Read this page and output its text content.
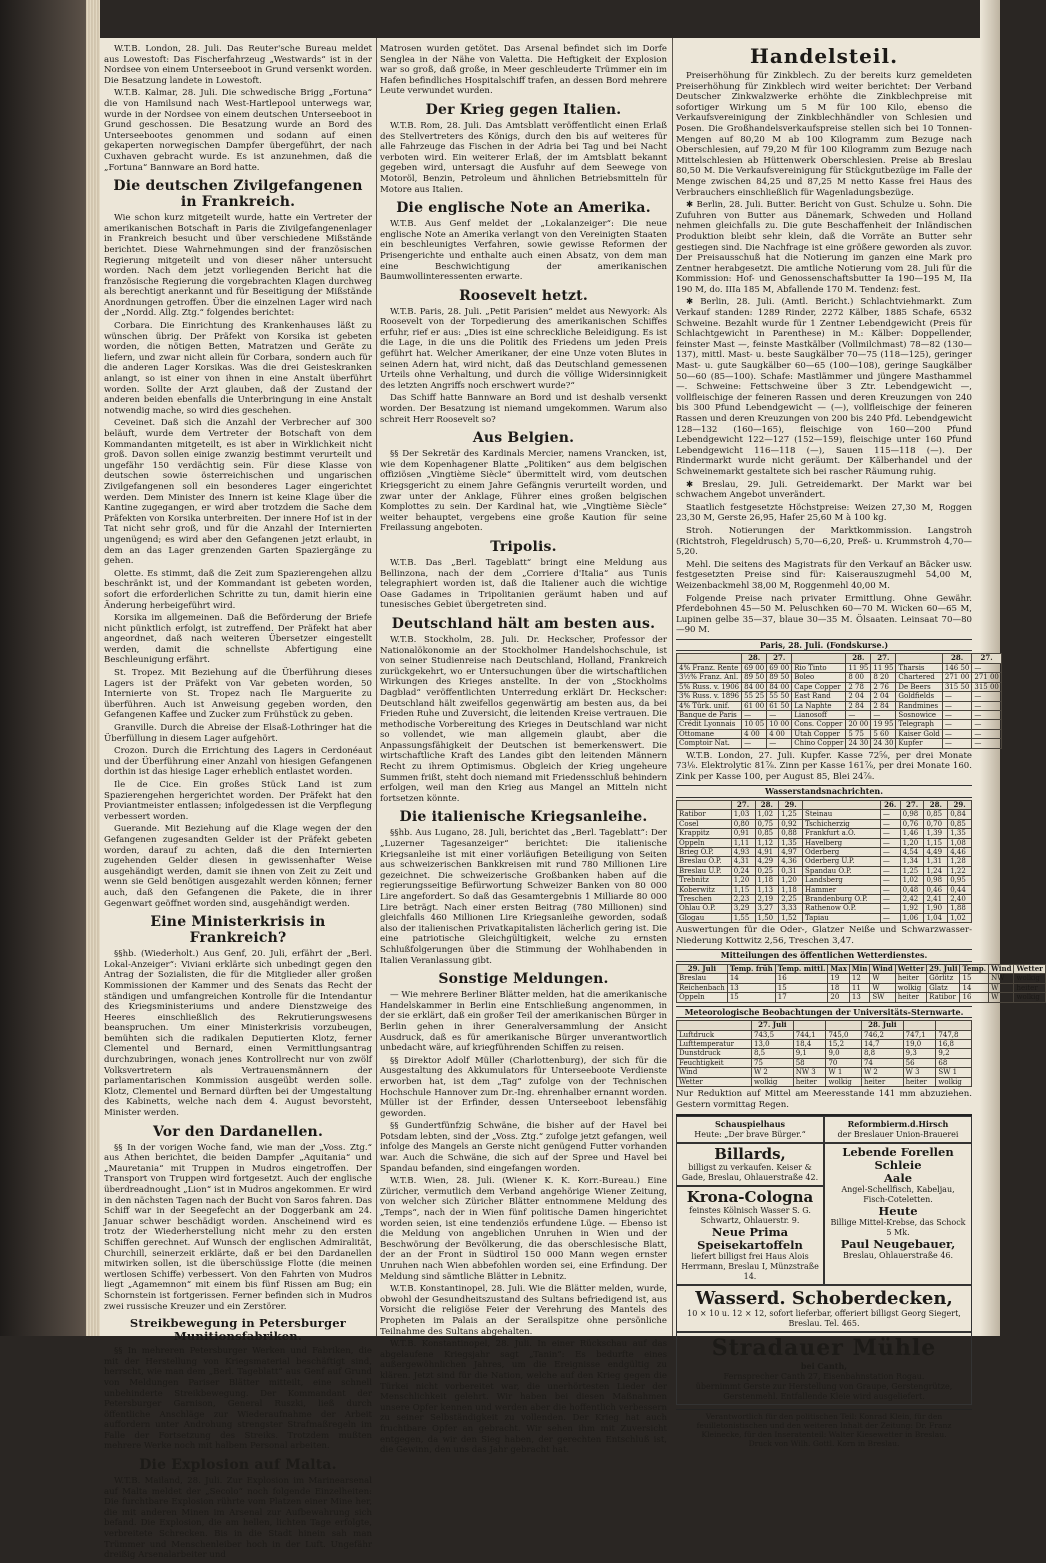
W.T.B. London, 28. Juli. Das Reuter'sche Bureau meldet aus Lowestoft: Das Fischerfahrzeug „Westwards“ ist in der Nordsee von einem Unterseeboot in Grund versenkt worden. Die Besatzung landete in Lowestoft.

W.T.B. Kalmar, 28. Juli. Die schwedische Brigg „Fortuna“ die von Hamilsund nach West-Hartlepool unterwegs war, wurde in der Nordsee von einem deutschen Unterseeboot in Grund geschossen. Die Besatzung wurde an Bord des Unterseebootes genommen und sodann auf einen gekaperten norwegischen Dampfer übergeführt, der nach Cuxhaven gebracht wurde. Es ist anzunehmen, daß die „Fortuna“ Bannware an Bord hatte.

Die deutschen Zivilgefangenen in Frankreich.

Wie schon kurz mitgeteilt wurde, hatte ein Vertreter der amerikanischen Botschaft in Paris die Zivilgefangenenlager in Frankreich besucht und über verschiedene Mißstände berichtet. Diese Wahrnehmungen sind der französischen Regierung mitgeteilt und von dieser näher untersucht worden. Nach dem jetzt vorliegenden Bericht hat die französische Regierung die vorgebrachten Klagen durchweg als berechtigt anerkannt und für Beseitigung der Mißstände Anordnungen getroffen. Über die einzelnen Lager wird nach der „Nordd. Allg. Ztg.“ folgendes berichtet:

Corbara. Die Einrichtung des Krankenhauses läßt zu wünschen übrig. Der Präfekt von Korsika ist gebeten worden, die nötigen Betten, Matratzen und Geräte zu liefern, und zwar nicht allein für Corbara, sondern auch für die anderen Lager Korsikas. Was die drei Geisteskranken anlangt, so ist einer von ihnen in eine Anstalt überführt worden. Sollte der Arzt glauben, daß der Zustand der anderen beiden ebenfalls die Unterbringung in eine Anstalt notwendig mache, so wird dies geschehen.

Ceveinet. Daß sich die Anzahl der Verbrecher auf 300 beläuft, wurde dem Vertreter der Botschaft von dem Kommandanten mitgeteilt, es ist aber in Wirklichkeit nicht groß. Davon sollen einige zwanzig bestimmt verurteilt und ungefähr 150 verdächtig sein. Für diese Klasse von deutschen sowie österreichischen und ungarischen Zivilgefangenen soll ein besonderes Lager eingerichtet werden. Dem Minister des Innern ist keine Klage über die Kantine zugegangen, er wird aber trotzdem die Sache dem Präfekten von Korsika unterbreiten. Der innere Hof ist in der Tat nicht sehr groß, und für die Anzahl der Internierten ungenügend; es wird aber den Gefangenen jetzt erlaubt, in dem an das Lager grenzenden Garten Spaziergänge zu gehen.

Olette. Es stimmt, daß die Zeit zum Spazierengehen allzu beschränkt ist, und der Kommandant ist gebeten worden, sofort die erforderlichen Schritte zu tun, damit hierin eine Änderung herbeigeführt wird.

Korsika im allgemeinen. Daß die Beförderung der Briefe nicht pünktlich erfolgt, ist zutreffend. Der Präfekt hat aber angeordnet, daß nach weiteren Übersetzer eingestellt werden, damit die schnellste Abfertigung eine Beschleunigung erfährt.

St. Tropez. Mit Beziehung auf die Überführung dieses Lagers ist der Präfekt von Var gebeten worden, 50 Internierte von St. Tropez nach Ile Marguerite zu überführen. Auch ist Anweisung gegeben worden, den Gefangenen Kaffee und Zucker zum Frühstück zu geben.

Granville. Durch die Abreise der Elsaß-Lothringer hat die Überfüllung in diesem Lager aufgehört.

Crozon. Durch die Errichtung des Lagers in Cerdonéaut und der Überführung einer Anzahl von hiesigen Gefangenen dorthin ist das hiesige Lager erheblich entlastet worden.

Ile de Cice. Ein großes Stück Land ist zum Spazierengehen hergerichtet worden. Der Präfekt hat den Proviantmeister entlassen; infolgedessen ist die Verpflegung verbessert worden.

Guerande. Mit Beziehung auf die Klage wegen der den Gefangenen zugesandten Gelder ist der Präfekt gebeten worden, darauf zu achten, daß die den Internierten zugehenden Gelder diesen in gewissenhafter Weise ausgehändigt werden, damit sie ihnen von Zeit zu Zeit und wenn sie Geld benötigen ausgezahlt werden können; ferner auch, daß den Gefangenen die Pakete, die in ihrer Gegenwart geöffnet worden sind, ausgehändigt werden.

Eine Ministerkrisis in Frankreich?

§§hb. (Wiederholt.) Aus Genf, 20. Juli, erfährt der „Berl. Lokal-Anzeiger“: Viviani erklärte sich unbedingt gegen den Antrag der Sozialisten, die für die Mitglieder aller großen Kommissionen der Kammer und des Senats das Recht der ständigen und umfangreichen Kontrolle für die Intendantur des Kriegsministeriums und andere Dienstzweige des Heeres einschließlich des Rekrutierungswesens beanspruchen. Um einer Ministerkrisis vorzubeugen, bemühten sich die radikalen Deputierten Klotz, ferner Clementel und Bernard, einen Vermittlungsantrag durchzubringen, wonach jenes Kontrollrecht nur von zwölf Volksvertretern als Vertrauensmännern der parlamentarischen Kommission ausgeübt werden solle. Klotz, Clementel und Bernard dürften bei der Umgestaltung des Kabinetts, welche nach dem 4. August bevorsteht, Minister werden.

Vor den Dardanellen.

§§ In der vorigen Woche fand, wie man der „Voss. Ztg.“ aus Athen berichtet, die beiden Dampfer „Aquitania“ und „Mauretania“ mit Truppen in Mudros eingetroffen. Der Transport von Truppen wird fortgesetzt. Auch der englische überdreadnought „Lion“ ist in Mudros angekommen. Er wird in den nächsten Tagen nach der Bucht von Saros fahren. Das Schiff war in der Seegefecht an der Doggerbank am 24. Januar schwer beschädigt worden. Anscheinend wird es trotz der Wiederherstellung nicht mehr zu den ersten Schiffen gerechnet. Auf Wunsch der englischen Admiralität, Churchill, seinerzeit erklärte, daß er bei den Dardanellen mitwirken sollen, ist die überschüssige Flotte (die meinen wertlosen Schiffe) verbessert. Von den Fahrten von Mudros liegt „Agamemnon“ mit einem bis fünf Rissen am Bug; ein Schornstein ist fortgerissen. Ferner befinden sich in Mudros zwei russische Kreuzer und ein Zerstörer.

Streikbewegung in Petersburger Munitionsfabriken.

§§ In mehreren Petersburger Werken und Fabriken, die mit der Herstellung von Kriegsmaterial beschäftigt sind, herrscht, wie man dem „Berl. Tageblatt“ aus Genf auf Grund von Meldungen Pariser Blätter mitteilt, eine schnell unbehinderte Streikbewegung. Der Kommandant der Petersburger Garnison, General Ruszki, ließ durch öffentliche Anschläge zur Wiederaufnahme der Arbeit auffordern unter Androhung strengster Strafmaßregeln im Falle der Fortsetzung des Streiks. Trotzdem mußten mehrere Werke noch mit halbem Personal arbeiten.

Die Explosion auf Malta.

W.T.B. Mailand, 28. Juli. Zur Explosion im Marinearsenal auf Malta meldet der „Secolo“ noch folgende Einzelheiten: Die furchtbare Explosion rührte vom Platzen einer Mine her, die mit anderen Minen im Arsenal zur Aufbewahrung sich befand. Die Explosion, die am hellen, lichten Tage erfolgte, verbreitete Schrecken. Bis in die Stadt hinein sah man Trümmer und Menschenleiber hoch in der Luft. Ungefähr dreißig Arsenalarbeiter und

Matrosen wurden getötet. Das Arsenal befindet sich im Dorfe Senglea in der Nähe von Valetta. Die Heftigkeit der Explosion war so groß, daß große, in Meer geschleuderte Trümmer ein im Hafen befindliches Hospitalschiff trafen, an dessen Bord mehrere Leute verwundet wurden.

Der Krieg gegen Italien.

W.T.B. Rom, 28. Juli. Das Amtsblatt veröffentlicht einen Erlaß des Stellvertreters des Königs, durch den bis auf weiteres für alle Fahrzeuge das Fischen in der Adria bei Tag und bei Nacht verboten wird. Ein weiterer Erlaß, der im Amtsblatt bekannt gegeben wird, untersagt die Ausfuhr auf dem Seewege von Motoröl, Benzin, Petroleum und ähnlichen Betriebsmitteln für Motore aus Italien.

Die englische Note an Amerika.

W.T.B. Aus Genf meldet der „Lokalanzeiger“: Die neue englische Note an Amerika verlangt von den Vereinigten Staaten ein beschleunigtes Verfahren, sowie gewisse Reformen der Prisengerichte und enthalte auch einen Absatz, von dem man eine Beschwichtigung der amerikanischen Baumwollinteressenten erwarte.

Roosevelt hetzt.

W.T.B. Paris, 28. Juli. „Petit Parisien“ meldet aus Newyork: Als Roosevelt von der Torpedierung des amerikanischen Schiffes erfuhr, rief er aus: „Dies ist eine schreckliche Beleidigung. Es ist die Lage, in die uns die Politik des Friedens um jeden Preis geführt hat. Welcher Amerikaner, der eine Unze voten Blutes in seinen Adern hat, wird nicht, daß das Deutschland gemessenen Urteils ohne Verhaltung, und durch die völlige Widersinnigkeit des letzten Angriffs noch erschwert wurde?“

Das Schiff hatte Bannware an Bord und ist deshalb versenkt worden. Der Besatzung ist niemand umgekommen. Warum also schreit Herr Roosevelt so?

Aus Belgien.

§§ Der Sekretär des Kardinals Mercier, namens Vrancken, ist, wie dem Kopenhagener Blatte „Politiken“ aus dem belgischen offiziösen „Vingtième Siècle“ übermittelt wird, vom deutschen Kriegsgericht zu einem Jahre Gefängnis verurteilt worden, und zwar unter der Anklage, Führer eines großen belgischen Komplottes zu sein. Der Kardinal hat, wie „Vingtième Siècle“ weiter behauptet, vergebens eine große Kaution für seine Freilassung angeboten.

Tripolis.

W.T.B. Das „Berl. Tageblatt“ bringt eine Meldung aus Bellinzona, nach der dem „Corriere d'Italia“ aus Tunis telegraphiert worden ist, daß die Italiener auch die wichtige Oase Gadames in Tripolitanien geräumt haben und auf tunesisches Gebiet übergetreten sind.

Deutschland hält am besten aus.

W.T.B. Stockholm, 28. Juli. Dr. Heckscher, Professor der Nationalökonomie an der Stockholmer Handelshochschule, ist von seiner Studienreise nach Deutschland, Holland, Frankreich zurückgekehrt, wo er Untersuchungen über die wirtschaftlichen Wirkungen des Krieges anstellte. In der von „Stockholms Dagblad“ veröffentlichten Unterredung erklärt Dr. Heckscher: Deutschland hält zweifellos gegenwärtig am besten aus, da bei Frieden Ruhe und Zuversicht, die leitenden Kreise vertrauen. Die methodische Vorbereitung des Krieges in Deutschland war nicht so vollendet, wie man allgemein glaubt, aber die Anpassungsfähigkeit der Deutschen ist bemerkenswert. Die wirtschaftliche Kraft des Landes gibt den leitenden Männern Recht zu ihrem Optimismus. Obgleich der Krieg ungeheure Summen frißt, steht doch niemand mit Friedensschluß behindern erfolgen, weil man den Krieg aus Mangel an Mitteln nicht fortsetzen könnte.

Die italienische Kriegsanleihe.

§§hb. Aus Lugano, 28. Juli, berichtet das „Berl. Tageblatt“: Der „Luzerner Tagesanzeiger“ berichtet: Die italienische Kriegsanleihe ist mit einer vorläufigen Beteiligung von Seiten aus schweizerischen Bankkreisen mit rund 780 Millionen Lire gezeichnet. Die schweizerische Großbanken haben auf die regierungsseitige Befürwortung Schweizer Banken von 80 000 Lire angefordert. So daß das Gesamtergebnis 1 Milliarde 80 000 Lire beträgt. Nach einer ersten Beitrag (780 Millionen) sind gleichfalls 460 Millionen Lire Kriegsanleihe geworden, sodaß also der italienischen Privatkapitalisten lächerlich gering ist. Die eine patriotische Gleichgültigkeit, welche zu ernsten Schlußfolgerungen über die Stimmung der Wohlhabenden in Italien Veranlassung gibt.

Sonstige Meldungen.

— Wie mehrere Berliner Blätter melden, hat die amerikanische Handelskammer in Berlin eine Entschließung angenommen, in der sie erklärt, daß ein großer Teil der amerikanischen Bürger in Berlin gehen in ihrer Generalversammlung der Ansicht Ausdruck, daß es für amerikanische Bürger unverantwortlich unbedacht wäre, auf kriegführenden Schiffen zu reisen.

§§ Direktor Adolf Müller (Charlottenburg), der sich für die Ausgestaltung des Akkumulators für Unterseeboote Verdienste erworben hat, ist dem „Tag“ zufolge von der Technischen Hochschule Hannover zum Dr.-Ing. ehrenhalber ernannt worden. Müller ist der Erfinder, dessen Unterseeboot lebensfähig geworden.

§§ Gundertfünfzig Schwäne, die bisher auf der Havel bei Potsdam lebten, sind der „Voss. Ztg.“ zufolge jetzt gefangen, weil infolge des Mangels an Gerste nicht genügend Futter vorhanden war. Auch die Schwäne, die sich auf der Spree und Havel bei Spandau befanden, sind eingefangen worden.

W.T.B. Wien, 28. Juli. (Wiener K. K. Korr.-Bureau.) Eine Züricher, vermutlich dem Verband angehörige Wiener Zeitung, von welcher sich Züricher Blätter entnommene Meldung des „Temps“, nach der in Wien fünf politische Damen hingerichtet worden seien, ist eine tendenziös erfundene Lüge. — Ebenso ist die Meldung von angeblichen Unruhen in Wien und der Beschwörung der Bevölkerung, die das oberschlesische Blatt, der an der Front in Südtirol 150 000 Mann wegen ernster Unruhen nach Wien abbefohlen worden sei, eine Erfindung. Der Meldung sind sämtliche Blätter in Lebnitz.

W.T.B. Konstantinopel, 28. Juli. Wie die Blätter melden, wurde, obwohl der Gesundheitszustand des Sultans befriedigend ist, aus Vorsicht die religiöse Feier der Verehrung des Mantels des Propheten im Palais an der Serailspitze ohne persönliche Teilnahme des Sultans abgehalten.

W.T.B. Konstantinopel, 28. Juli. In einer Rückschau auf das abgelaufene Kriegsjahr sagt „Tanin“: Es bedurfte eines außergewöhnlichen Jahres, um die Ereignisse endgültig zu klären. Jetzt sind für die Nation, welche auf den Krieg gegen die Türkei nicht vorbereitet war, die unerhörtesten Lieder der Menschlichkeit gelehrt. Wir haben bei diesen Maßnahmen unsere Opfer kennen und werden aber die hoffentlich verbessern zu seiner Selbständigkeit zu vollenden. Der Krieg hat auch fruchtbare Opfer an gebracht. Wir sehen ihm mit Zuversicht entgegen, da wir den Sieg haben, der gerechten Entschluß ist, die Gewinn, den uns das Jahr gebracht hat.

Handelsteil.

Preiserhöhung für Zinkblech. Zu der bereits kurz gemeldeten Preiserhöhung für Zinkblech wird weiter berichtet: Der Verband Deutscher Zinkwalzwerke erhöhte die Zinkblechpreise mit sofortiger Wirkung um 5 M für 100 Kilo, ebenso die Verkaufsvereinigung der Zinkblechhändler von Schlesien und Posen. Die Großhandelsverkaufspreise stellen sich bei 10 Tonnen-Mengen auf 80,20 M ab 100 Kilogramm zum Bezuge nach Oberschlesien, auf 79,20 M für 100 Kilogramm zum Bezuge nach Mittelschlesien ab Hüttenwerk Oberschlesien. Preise ab Breslau 80,50 M. Die Verkaufsvereinigung für Stückgutbezüge im Falle der Menge zwischen 84,25 und 87,25 M netto Kasse frei Haus des Verbrauchers einschließlich für Wagenladungsbezüge.

✱ Berlin, 28. Juli. Butter. Bericht von Gust. Schulze u. Sohn. Die Zufuhren von Butter aus Dänemark, Schweden und Holland nehmen gleichfalls zu. Die gute Beschaffenheit der Inländischen Produktion bleibt sehr klein, daß die Vorräte an Butter sehr gestiegen sind. Die Nachfrage ist eine größere geworden als zuvor. Der Preisausschuß hat die Notierung im ganzen eine Mark pro Zentner herabgesetzt. Die amtliche Notierung vom 28. Juli für die Kommission: Hof- und Genossenschaftsbutter Ia 190—195 M, IIa 190 M, do. IIIa 185 M, Abfallende 170 M. Tendenz: fest.

✱ Berlin, 28. Juli. (Amtl. Bericht.) Schlachtviehmarkt. Zum Verkauf standen: 1289 Rinder, 2272 Kälber, 1885 Schafe, 6532 Schweine. Bezahlt wurde für 1 Zentner Lebendgewicht (Preis für Schlachtgewicht in Parenthese) in M.: Kälber: Doppellender, feinster Mast —, feinste Mastkälber (Vollmilchmast) 78—82 (130—137), mittl. Mast- u. beste Saugkälber 70—75 (118—125), geringer Mast- u. gute Saugkälber 60—65 (100—108), geringe Saugkälber 50—60 (85—100). Schafe: Mastlämmer und jüngere Masthammel —. Schweine: Fettschweine über 3 Ztr. Lebendgewicht —, vollfleischige der feineren Rassen und deren Kreuzungen von 240 bis 300 Pfund Lebendgewicht — (—), vollfleischige der feineren Rassen und deren Kreuzungen von 200 bis 240 Pfd. Lebendgewicht 128—132 (160—165), fleischige von 160—200 Pfund Lebendgewicht 122—127 (152—159), fleischige unter 160 Pfund Lebendgewicht 116—118 (—), Sauen 115—118 (—). Der Rindermarkt wurde nicht geräumt. Der Kälberhandel und der Schweinemarkt gestaltete sich bei rascher Räumung ruhig.

✱ Breslau, 29. Juli. Getreidemarkt. Der Markt war bei schwachem Angebot unverändert.

Staatlich festgesetzte Höchstpreise: Weizen 27,30 M, Roggen 23,30 M, Gerste 26,95, Hafer 25,60 M à 100 kg.

Stroh. Notierungen der Marktkommission. Langstroh (Richtstroh, Flegeldrusch) 5,70—6,20, Preß- u. Krummstroh 4,70—5,20.

Mehl. Die seitens des Magistrats für den Verkauf an Bäcker usw. festgesetzten Preise sind für: Kaiserauszugmehl 54,00 M, Weizenbackmehl 38,00 M, Roggenmehl 40,00 M.

Folgende Preise nach privater Ermittlung. Ohne Gewähr. Pferdebohnen 45—50 M. Peluschken 60—70 M. Wicken 60—65 M, Lupinen gelbe 35—37, blaue 30—35 M. Ölsaaten. Leinsaat 70—80—90 M.

Paris, 28. Juli. (Fondskurse.)
	28.	27.		28.	27.		28.	27.
4% Franz. Rente	69 00	69 00	Rio Tinto	11 95	11 95	Tharsis	146 50	—
3½% Franz. Anl.	89 50	89 50	Boleo	8 00	8 20	Chartered	271 00	271 00
5% Russ. v. 1906	84 00	84 00	Cape Copper	2 78	2 76	De Beers	315 50	315 00
3% Russ. v. 1896	55 25	55 50	East Rand	2 04	2 04	Goldfields	—	—
4% Türk. unif.	61 00	61 50	La Naphte	2 84	2 84	Randmines	—	—
Banque de Paris	—	—	Lianosoff	—	—	Sosnowice	—	—
Crédit Lyonnais	10 05	10 00	Cons. Copper	20 00	19 95	Telegraph	—	—
Ottomane	4 00	4 00	Utah Copper	5 75	5 60	Kaiser Gold	—	—
Comptoir Nat.	—	—	Chino Copper	24 30	24 30	Kupfer	—	—

W.T.B. London, 27. Juli. Kupfer. Kasse 72⅝, per drei Monate 73⅛. Elektrolytic 81⅞. Zinn per Kasse 161⅞, per drei Monate 160. Zink per Kasse 100, per August 85, Blei 24⅞.

Wasserstandsnachrichten.
	27.	28.	29.		26.	27.	28.	29.
Ratibor	1,03	1,02	1,25	Steinau	—	0,98	0,85	0,84
Cosel	0,80	0,75	0,92	Tschicherzig	—	0,76	0,70	0,85
Krappitz	0,91	0,85	0,88	Frankfurt a.O.	—	1,46	1,39	1,35
Oppeln	1,11	1,12	1,35	Havelberg	—	1,20	1,15	1,08
Brieg O.P.	4,93	4,91	4,97	Oderberg	—	4,54	4,49	4,46
Breslau O.P.	4,31	4,29	4,36	Oderberg U.P.	—	1,34	1,31	1,28
Breslau U.P.	0,24	0,25	0,31	Spandau O.P.	—	1,25	1,24	1,22
Trebnitz	1,20	1,18	1,20	Landsberg	—	1,02	0,98	0,95
Koberwitz	1,15	1,13	1,18	Hammer	—	0,48	0,46	0,44
Treschen	2,23	2,19	2,25	Brandenburg O.P.	—	2,42	2,41	2,40
Ohlau O.P.	3,29	3,27	3,33	Rathenow O.P.	—	1,92	1,90	1,88
Glogau	1,55	1,50	1,52	Tapiau	—	1,06	1,04	1,02

Auswertungen für die Oder-, Glatzer Neiße und Schwarzwasser-Niederung Kottwitz 2,56, Treschen 3,47.

Mitteilungen des öffentlichen Wetterdienstes.
29. Juli	Temp. früh	Temp. mittl.	Max	Min	Wind	Wetter	29. Juli	Temp.	Wind	Wetter
Breslau	14	16	19	12	W	heiter	Görlitz	15	NW	wolkig
Reichenbach	13	15	18	11	W	wolkig	Glatz	14	W	heiter
Oppeln	15	17	20	13	SW	heiter	Ratibor	16	W	wolkig
Meteorologische Beobachtungen der Universitäts-Sternwarte.
	27. Juli			28. Juli		
Luftdruck	743,5	744,1	745,0	746,2	747,1	747,8
Lufttemperatur	13,0	18,4	15,2	14,7	19,0	16,8
Dunstdruck	8,5	9,1	9,0	8,8	9,3	9,2
Feuchtigkeit	75	58	70	74	56	68
Wind	W 2	NW 3	W 1	W 2	W 3	SW 1
Wetter	wolkig	heiter	wolkig	heiter	heiter	wolkig

Nur Reduktion auf Mittel am Meeresstande 141 mm abzuziehen. Gestern vormittag Regen.

Schauspielhaus
Heute: „Der brave Bürger.“
Reformbierm.d.Hirsch
der Breslauer Union-Brauerei
Billards,
billigst zu verkaufen. Keiser & Gade, Breslau, Ohlauerstraße 42.
Lebende Forellen
Schleie
Aale
Angel-Schellfisch, Kabeljau, Fisch-Coteletten.
Heute
Billige Mittel-Krebse, das Schock 5 Mk.
Paul Neugebauer,
Breslau, Ohlauerstraße 46.
Krona-Cologna
feinstes Kölnisch Wasser S. G. Schwartz, Ohlauerstr. 9.
Neue Prima Speisekartoffeln
liefert billigst frei Haus Alois Herrmann, Breslau I, Münzstraße 14.
Wasserd. Schoberdecken,
10 × 10 u. 12 × 12, sofort lieferbar, offeriert billigst Georg Siegert, Breslau. Tel. 465.
Stradauer Mühle
bei Canth,
Fernsprecher Canth 27, Eisenbahnstation Rogau.
übernimmt Gerste zur Herstellung von Graupe, Gerstengrütze, Gerstenmehl. Entfallende Kleie wird ausgeliefert.
Verantwortlich für den politischen Teil: Konrad Klein, für den feuilletonistischen und den weiteren Inhalt der Zeitung: Dr. Franz Kleinecke, für den Inseratenteil: Walter Kiesewetter in Breslau.
Druck von Wilh. Gottl. Korn in Breslau.
